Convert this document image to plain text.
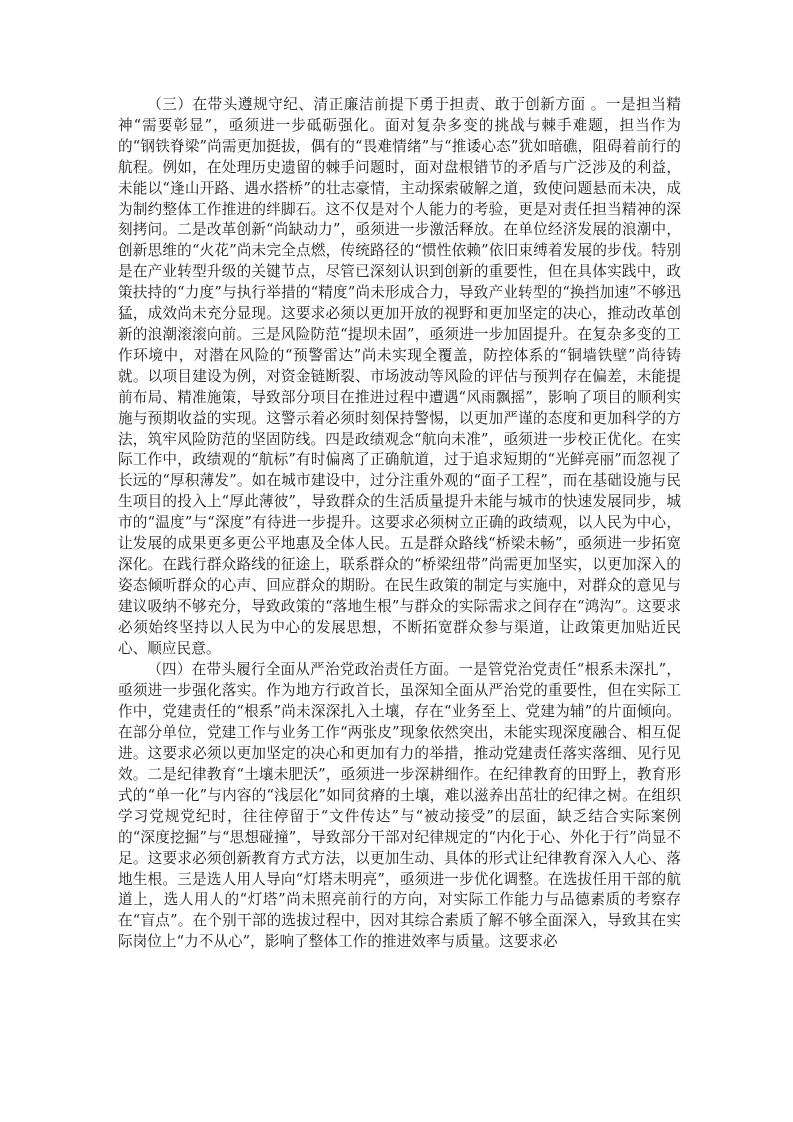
（三）在带头遵规守纪、清正廉洁前提下勇于担责、敢于创新方面 。一是担当精神“需要彰显”，亟须进一步砥砺强化。面对复杂多变的挑战与棘手难题，担当作为的“钢铁脊梁”尚需更加挺拔，偶有的“畏难情绪”与“推诿心态”犹如暗礁，阻碍着前行的航程。例如，在处理历史遗留的棘手问题时，面对盘根错节的矛盾与广泛涉及的利益，未能以“逢山开路、遇水搭桥”的壮志豪情，主动探索破解之道，致使问题悬而未决，成为制约整体工作推进的绊脚石。这不仅是对个人能力的考验，更是对责任担当精神的深刻拷问。二是改革创新“尚缺动力”，亟须进一步激活释放。在单位经济发展的浪潮中，创新思维的“火花”尚未完全点燃，传统路径的“惯性依赖”依旧束缚着发展的步伐。特别是在产业转型升级的关键节点，尽管已深刻认识到创新的重要性，但在具体实践中，政策扶持的“力度”与执行举措的“精度”尚未形成合力，导致产业转型的“换挡加速”不够迅猛，成效尚未充分显现。这要求必须以更加开放的视野和更加坚定的决心，推动改革创新的浪潮滚滚向前。三是风险防范“提坝未固”，亟须进一步加固提升。在复杂多变的工作环境中，对潜在风险的“预警雷达”尚未实现全覆盖，防控体系的“铜墙铁壁”尚待铸就。以项目建设为例，对资金链断裂、市场波动等风险的评估与预判存在偏差，未能提前布局、精准施策，导致部分项目在推进过程中遭遇“风雨飘摇”，影响了项目的顺利实施与预期收益的实现。这警示着必须时刻保持警惕，以更加严谨的态度和更加科学的方法，筑牢风险防范的坚固防线。四是政绩观念“航向未准”，亟须进一步校正优化。在实际工作中，政绩观的“航标”有时偏离了正确航道，过于追求短期的“光鲜亮丽”而忽视了长远的“厚积薄发”。如在城市建设中，过分注重外观的“面子工程”，而在基础设施与民生项目的投入上“厚此薄彼”，导致群众的生活质量提升未能与城市的快速发展同步，城市的“温度”与“深度”有待进一步提升。这要求必须树立正确的政绩观，以人民为中心，让发展的成果更多更公平地惠及全体人民。五是群众路线“桥梁未畅”，亟须进一步拓宽深化。在践行群众路线的征途上，联系群众的“桥梁纽带”尚需更加坚实，以更加深入的姿态倾听群众的心声、回应群众的期盼。在民生政策的制定与实施中，对群众的意见与建议吸纳不够充分，导致政策的“落地生根”与群众的实际需求之间存在“鸿沟”。这要求必须始终坚持以人民为中心的发展思想，不断拓宽群众参与渠道，让政策更加贴近民心、顺应民意。

（四）在带头履行全面从严治党政治责任方面。一是管党治党责任“根系未深扎”，亟须进一步强化落实。作为地方行政首长，虽深知全面从严治党的重要性，但在实际工作中，党建责任的“根系”尚未深深扎入土壤，存在“业务至上、党建为辅”的片面倾向。在部分单位，党建工作与业务工作“两张皮”现象依然突出，未能实现深度融合、相互促进。这要求必须以更加坚定的决心和更加有力的举措，推动党建责任落实落细、见行见效。二是纪律教育“土壤未肥沃”，亟须进一步深耕细作。在纪律教育的田野上，教育形式的“单一化”与内容的“浅层化”如同贫瘠的土壤，难以滋养出茁壮的纪律之树。在组织学习党规党纪时，往往停留于“文件传达”与“被动接受”的层面，缺乏结合实际案例的“深度挖掘”与“思想碰撞”，导致部分干部对纪律规定的“内化于心、外化于行”尚显不足。这要求必须创新教育方式方法，以更加生动、具体的形式让纪律教育深入人心、落地生根。三是选人用人导向“灯塔未明亮”，亟须进一步优化调整。在选拔任用干部的航道上，选人用人的“灯塔”尚未照亮前行的方向，对实际工作能力与品德素质的考察存在“盲点”。在个别干部的选拔过程中，因对其综合素质了解不够全面深入，导致其在实际岗位上“力不从心”，影响了整体工作的推进效率与质量。这要求必
